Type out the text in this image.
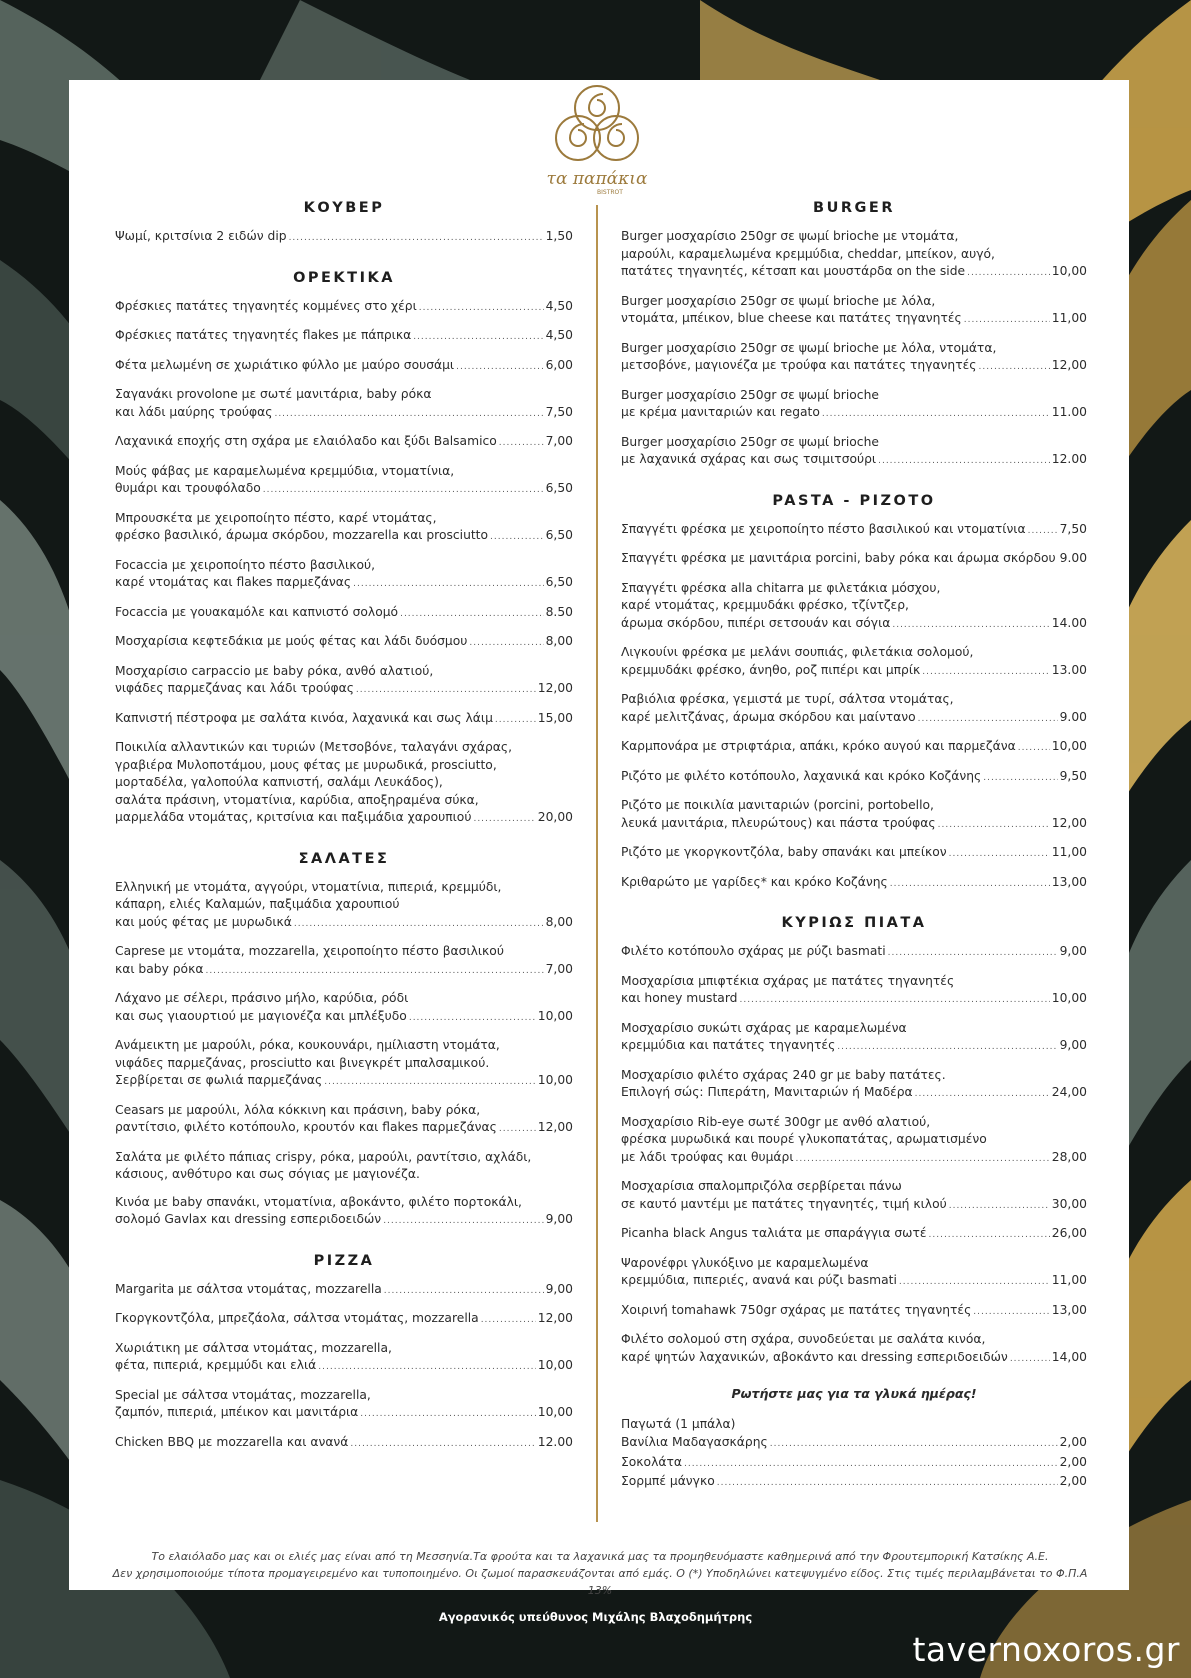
τα παπάκια
BISTROT
ΚΟΥΒΕΡ
Ψωμί, κριτσίνια 2 ειδών dip .....	1,50
ΟΡΕΚΤΙΚΑ
Φρέσκιες πατάτες τηγανητές κομμένες στο χέρι .....	4,50
Φρέσκιες πατάτες τηγανητές flakes με πάπρικα .....	4,50
Φέτα μελωμένη σε χωριάτικο φύλλο με μαύρο σουσάμι .....	6,00
Σαγανάκι provolone με σωτέ μανιτάρια, baby ρόκα
και λάδι μαύρης τρούφας .....	7,50
Λαχανικά εποχής στη σχάρα με ελαιόλαδο και ξύδι Balsamico .....	7,00
Μούς φάβας με καραμελωμένα κρεμμύδια, ντοματίνια,
θυμάρι και τρουφόλαδο .....	6,50
Μπρουσκέτα με χειροποίητο πέστο, καρέ ντομάτας,
φρέσκο βασιλικό, άρωμα σκόρδου, mozzarella και prosciutto .....	6,50
Focaccia με χειροποίητο πέστο βασιλικού,
καρέ ντομάτας και flakes παρμεζάνας .....	6,50
Focaccia με γουακαμόλε και καπνιστό σολομό .....	8.50
Μοσχαρίσια κεφτεδάκια με μούς φέτας και λάδι δυόσμου .....	8,00
Μοσχαρίσιο carpaccio με baby ρόκα, ανθό αλατιού,
νιφάδες παρμεζάνας και λάδι τρούφας .....	12,00
Καπνιστή πέστροφα με σαλάτα κινόα, λαχανικά και σως λάιμ .....	15,00
Ποικιλία αλλαντικών και τυριών (Μετσοβόνε, ταλαγάνι σχάρας,
γραβιέρα Μυλοποτάμου, μους φέτας με μυρωδικά, prosciutto,
μορταδέλα, γαλοπούλα καπνιστή, σαλάμι Λευκάδος),
σαλάτα πράσινη, ντοματίνια, καρύδια, αποξηραμένα σύκα,
μαρμελάδα ντομάτας, κριτσίνια και παξιμάδια χαρουπιού .....	20,00
ΣΑΛΑΤΕΣ
Ελληνική με ντομάτα, αγγούρι, ντοματίνια, πιπεριά, κρεμμύδι,
κάπαρη, ελιές Καλαμών, παξιμάδια χαρουπιού
και μούς φέτας με μυρωδικά .....	8,00
Caprese με ντομάτα, mozzarella, χειροποίητο πέστο βασιλικού
και baby ρόκα .....	7,00
Λάχανο με σέλερι, πράσινο μήλο, καρύδια, ρόδι
και σως γιαουρτιού με μαγιονέζα και μπλέξυδο .....	10,00
Ανάμεικτη με μαρούλι, ρόκα, κουκουνάρι, ημίλιαστη ντομάτα,
νιφάδες παρμεζάνας, prosciutto και βινεγκρέτ μπαλσαμικού.
Σερβίρεται σε φωλιά παρμεζάνας .....	10,00
Ceasars με μαρούλι, λόλα κόκκινη και πράσινη, baby ρόκα,
ραντίτσιο, φιλέτο κοτόπουλο, κρουτόν και flakes παρμεζάνας .....	12,00
Σαλάτα με φιλέτο πάπιας crispy, ρόκα, μαρούλι, ραντίτσιο, αχλάδι,
κάσιους, ανθότυρο και σως σόγιας με μαγιονέζα.
Κινόα με baby σπανάκι, ντοματίνια, αβοκάντο, φιλέτο πορτοκάλι,
σολομό Gavlax και dressing εσπεριδοειδών .....	9,00
PIZZA
Margarita με σάλτσα ντομάτας, mozzarella .....	9,00
Γκοργκοντζόλα, μπρεζάολα, σάλτσα ντομάτας, mozzarella .....	12,00
Χωριάτικη με σάλτσα ντομάτας, mozzarella,
φέτα, πιπεριά, κρεμμύδι και ελιά .....	10,00
Special με σάλτσα ντομάτας, mozzarella,
ζαμπόν, πιπεριά, μπέικον και μανιτάρια .....	10,00
Chicken BBQ με mozzarella και ανανά .....	12.00
BURGER
Burger μοσχαρίσιο 250gr σε ψωμί brioche με ντομάτα,
μαρούλι, καραμελωμένα κρεμμύδια, cheddar, μπείκον, αυγό,
πατάτες τηγανητές, κέτσαπ και μουστάρδα on the side .....	10,00
Burger μοσχαρίσιο 250gr σε ψωμί brioche με λόλα,
ντομάτα, μπέικον, blue cheese και πατάτες τηγανητές .....	11,00
Burger μοσχαρίσιο 250gr σε ψωμί brioche με λόλα, ντομάτα,
μετσοβόνε, μαγιονέζα με τρούφα και πατάτες τηγανητές .....	12,00
Burger μοσχαρίσιο 250gr σε ψωμί brioche
με κρέμα μανιταριών και regato .....	11.00
Burger μοσχαρίσιο 250gr σε ψωμί brioche
με λαχανικά σχάρας και σως τσιμιτσούρι .....	12.00
PASTA - ΡΙΖΟΤΟ
Σπαγγέτι φρέσκα με χειροποίητο πέστο βασιλικού και ντοματίνια .....	7,50
Σπαγγέτι φρέσκα με μανιτάρια porcini, baby ρόκα και άρωμα σκόρδου 9.00
Σπαγγέτι φρέσκα alla chitarra με φιλετάκια μόσχου,
καρέ ντομάτας, κρεμμυδάκι φρέσκο, τζίντζερ,
άρωμα σκόρδου, πιπέρι σετσουάν και σόγια .....	14.00
Λιγκουίνι φρέσκα με μελάνι σουπιάς, φιλετάκια σολομού,
κρεμμυδάκι φρέσκο, άνηθο, ροζ πιπέρι και μπρίκ .....	13.00
Ραβιόλια φρέσκα, γεμιστά με τυρί, σάλτσα ντομάτας,
καρέ μελιτζάνας, άρωμα σκόρδου και μαίντανο .....	9.00
Καρμπονάρα με στριφτάρια, απάκι, κρόκο αυγού και παρμεζάνα .....	10,00
Ριζότο με φιλέτο κοτόπουλο, λαχανικά και κρόκο Κοζάνης .....	9,50
Ριζότο με ποικιλία μανιταριών (porcini, portobello,
λευκά μανιτάρια, πλευρώτους) και πάστα τρούφας .....	12,00
Ριζότο με γκοργκοντζόλα, baby σπανάκι και μπείκον .....	11,00
Κριθαρώτο με γαρίδες* και κρόκο Κοζάνης .....	13,00
ΚΥΡΙΩΣ ΠΙΑΤΑ
Φιλέτο κοτόπουλο σχάρας με ρύζι basmati .....	9,00
Μοσχαρίσια μπιφτέκια σχάρας με πατάτες τηγανητές
και honey mustard .....	10,00
Μοσχαρίσιο συκώτι σχάρας με καραμελωμένα
κρεμμύδια και πατάτες τηγανητές .....	9,00
Μοσχαρίσιο φιλέτο σχάρας 240 gr με baby πατάτες.
Επιλογή σώς: Πιπεράτη, Μανιταριών ή Μαδέρα .....	24,00
Μοσχαρίσιο Rib-eye σωτέ 300gr με ανθό αλατιού,
φρέσκα μυρωδικά και πουρέ γλυκοπατάτας, αρωματισμένο
με λάδι τρούφας και θυμάρι .....	28,00
Μοσχαρίσια σπαλομπριζόλα σερβίρεται πάνω
σε καυτό μαντέμι με πατάτες τηγανητές, τιμή κιλού .....	30,00
Picanha black Angus ταλιάτα με σπαράγγια σωτέ .....	26,00
Ψαρονέφρι γλυκόξινο με καραμελωμένα
κρεμμύδια, πιπεριές, ανανά και ρύζι basmati .....	11,00
Χοιρινή tomahawk 750gr σχάρας με πατάτες τηγανητές .....	13,00
Φιλέτο σολομού στη σχάρα, συνοδεύεται με σαλάτα κινόα,
καρέ ψητών λαχανικών, αβοκάντο και dressing εσπεριδοειδών .....	14,00
Ρωτήστε μας για τα γλυκά ημέρας!
Παγωτά (1 μπάλα)
Βανίλια Μαδαγασκάρης .....	2,00
Σοκολάτα .....	2,00
Σορμπέ μάνγκο .....	2,00
Το ελαιόλαδο μας και οι ελιές μας είναι από τη Μεσσηνία.Τα φρούτα και τα λαχανικά μας τα προμηθευόμαστε καθημερινά από την Φρουτεμπορική Κατσίκης Α.Ε.
Δεν χρησιμοποιούμε τίποτα προμαγειρεμένο και τυποποιημένο. Οι ζωμοί παρασκευάζονται από εμάς. Ο (*) Υποδηλώνει κατεψυγμένο είδος. Στις τιμές περιλαμβάνεται το Φ.Π.Α 13%
Αγορανικός υπεύθυνος Μιχάλης Βλαχοδημήτρης
tavernoxoros.gr
